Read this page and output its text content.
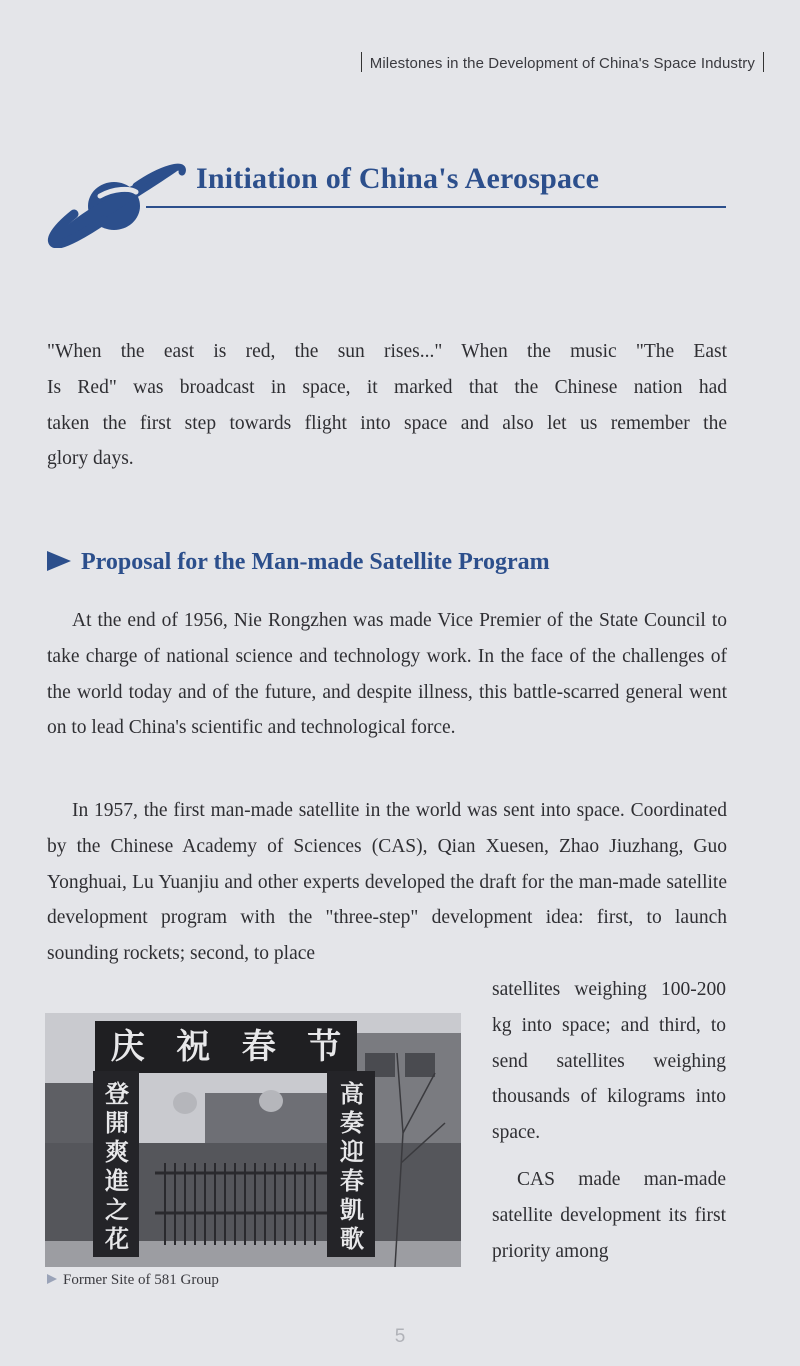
Milestones in the Development of China's Space Industry
Initiation of China's Aerospace

"When the east is red, the sun rises..." When the music "The East
Is Red" was broadcast in space, it marked that the Chinese nation had
taken the first step towards flight into space and also let us remember the
glory days.

Proposal for the Man-made Satellite Program

At the end of 1956, Nie Rongzhen was made Vice Premier of the State Council to take charge of national science and technology work. In the face of the challenges of the world today and of the future, and despite illness, this battle-scarred general went on to lead China's scientific and technological force.

In 1957, the first man-made satellite in the world was sent into space. Coordinated by the Chinese Academy of Sciences (CAS), Qian Xuesen, Zhao Jiuzhang, Guo Yonghuai, Lu Yuanjiu and other experts developed the draft for the man-made satellite development program with the "three-step" development idea: first, to launch sounding rockets; second, to place

庆 祝 春 节
登
開
爽
進
之
花
高
奏
迎
春
凱
歌
Former Site of 581 Group

satellites weighing 100-200 kg into space; and third, to send satellites weighing thousands of kilograms into space.

CAS made man-made satellite development its first priority among

5
